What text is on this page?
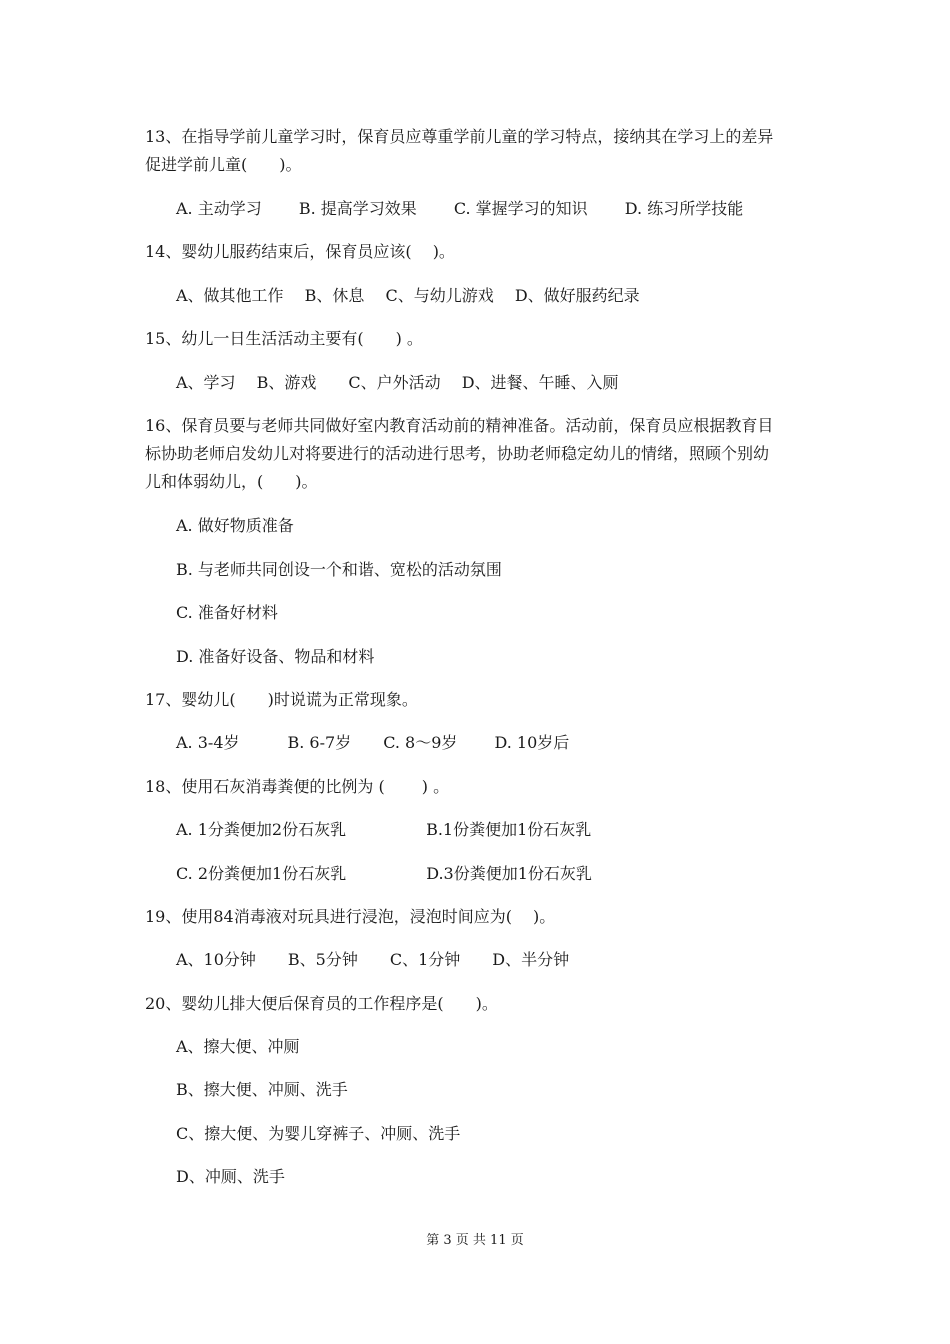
13、在指导学前儿童学习时，保育员应尊重学前儿童的学习特点，接纳其在学习上的差异
促进学前儿童(　　)。
A. 主动学习　　 B. 提高学习效果　　 C. 掌握学习的知识　　 D. 练习所学技能
14、婴幼儿服药结束后，保育员应该(　 )。
A、做其他工作　 B、休息　 C、与幼儿游戏　 D、做好服药纪录
15、幼儿一日生活活动主要有(　　) 。
A、学习　 B、游戏　　C、户外活动　 D、进餐、午睡、入厕
16、保育员要与老师共同做好室内教育活动前的精神准备。活动前，保育员应根据教育目
标协助老师启发幼儿对将要进行的活动进行思考，协助老师稳定幼儿的情绪，照顾个别幼
儿和体弱幼儿，(　　)。
A. 做好物质准备
B. 与老师共同创设一个和谐、宽松的活动氛围
C. 准备好材料
D. 准备好设备、物品和材料
17、婴幼儿(　　)时说谎为正常现象。
A. 3-4岁　　　B. 6-7岁　　C. 8～9岁　　 D. 10岁后
18、使用石灰消毒粪便的比例为 (　　 ) 。
A. 1分粪便加2份石灰乳　　　　　B.1份粪便加1份石灰乳
C. 2份粪便加1份石灰乳　　　　　D.3份粪便加1份石灰乳
19、使用84消毒液对玩具进行浸泡，浸泡时间应为(　 )。
A、10分钟　　B、5分钟　　C、1分钟　　D、半分钟
20、婴幼儿排大便后保育员的工作程序是(　　)。
A、擦大便、冲厕
B、擦大便、冲厕、洗手
C、擦大便、为婴儿穿裤子、冲厕、洗手
D、冲厕、洗手
第 3 页 共 11 页
